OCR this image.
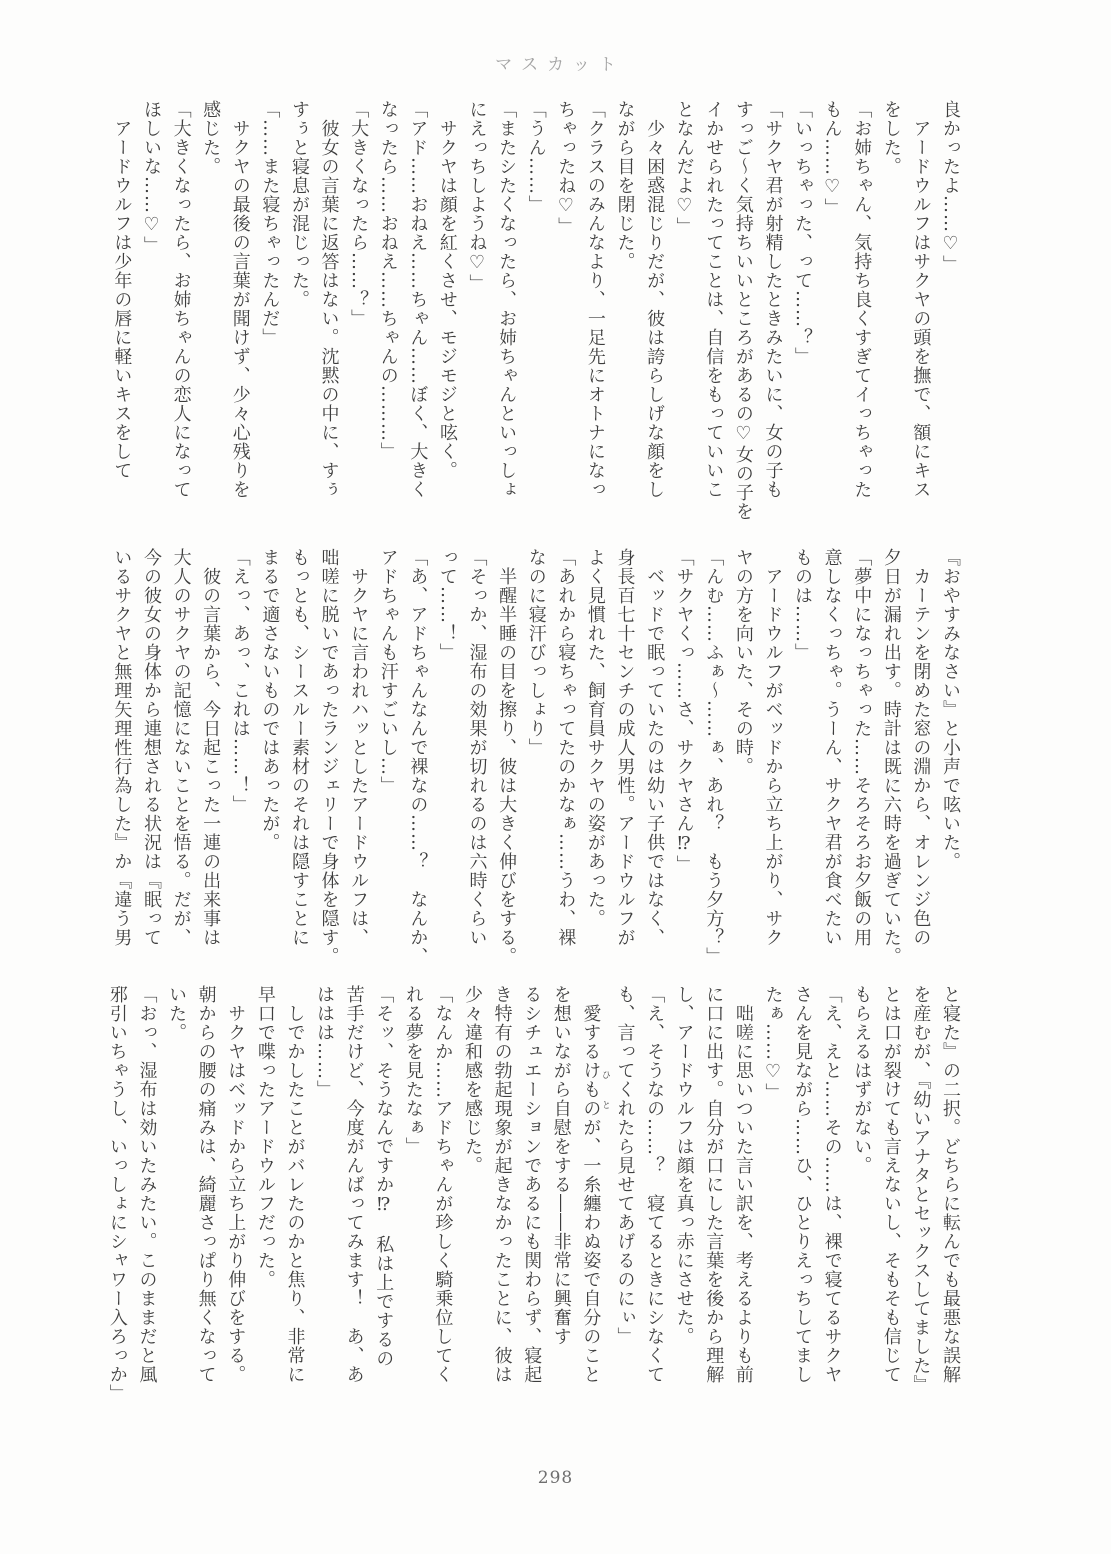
マスカット

良かったよ……♡」

　アードウルフはサクヤの頭を撫で、額にキス

をした。

「お姉ちゃん、気持ち良くすぎてイっちゃった

もん……♡」

「いっちゃった、って……？」

「サクヤ君が射精したときみたいに、女の子も

すっご〜く気持ちいいところがあるの♡女の子を

イかせられたってことは、自信をもっていいこ

となんだよ♡」

　少々困惑混じりだが、彼は誇らしげな顔をし

ながら目を閉じた。

「クラスのみんなより、一足先にオトナになっ

ちゃったね♡」

「うん……」

「またシたくなったら、お姉ちゃんといっしょ

にえっちしようね♡」

　サクヤは顔を紅くさせ、モジモジと呟く。

「アド……おねえ……ちゃん……ぼく、大きく

なったら……おねえ……ちゃんの………」

「大きくなったら……？」

　彼女の言葉に返答はない。沈黙の中に、すぅ

すぅと寝息が混じった。

「……また寝ちゃったんだ」

　サクヤの最後の言葉が聞けず、少々心残りを

感じた。

「大きくなったら、お姉ちゃんの恋人になって

ほしいな……♡」

　アードウルフは少年の唇に軽いキスをして

『おやすみなさい』と小声で呟いた。

　カーテンを閉めた窓の淵から、オレンジ色の

夕日が漏れ出す。時計は既に六時を過ぎていた。

「夢中になっちゃった……そろそろお夕飯の用

意しなくっちゃ。うーん、サクヤ君が食べたい

ものは……」

　アードウルフがベッドから立ち上がり、サク

ヤの方を向いた、その時。

「んむ……ふぁ〜……ぁ、あれ？　もう夕方？」

「サクヤくっ……さ、サクヤさん⁉」

　ベッドで眠っていたのは幼い子供ではなく、

身長百七十センチの成人男性。アードウルフが

よく見慣れた、飼育員サクヤの姿があった。

「あれから寝ちゃってたのかなぁ……うわ、裸

なのに寝汗びっしょり」

　半醒半睡の目を擦り、彼は大きく伸びをする。

「そっか、湿布の効果が切れるのは六時くらい

って……！」

「あ、アドちゃんなんで裸なの……？　なんか、

アドちゃんも汗すごいし…」

　サクヤに言われハッとしたアードウルフは、

咄嗟に脱いであったランジェリーで身体を隠す。

もっとも、シースルー素材のそれは隠すことに

まるで適さないものではあったが。

「えっ、あっ、これは……！」

　彼の言葉から、今日起こった一連の出来事は

大人のサクヤの記憶にないことを悟る。だが、

今の彼女の身体から連想される状況は『眠って

いるサクヤと無理矢理性行為した』か『違う男

と寝た』の二択。どちらに転んでも最悪な誤解

を産むが、『幼いアナタとセックスしてました』

とは口が裂けても言えないし、そもそも信じて

もらえるはずがない。

「え、えと……その……は、裸で寝てるサクヤ

さんを見ながら……ひ、ひとりえっちしてまし

たぁ……♡」

　咄嗟に思いついた言い訳を、考えるよりも前

に口に出す。自分が口にした言葉を後から理解

し、アードウルフは顔を真っ赤にさせた。

「え、そうなの……？　寝てるときにシなくて

も、言ってくれたら見せてあげるのにぃ」

　愛するけものひとが、一糸纏わぬ姿で自分のこと

を想いながら自慰をする――非常に興奮す

るシチュエーションであるにも関わらず、寝起

き特有の勃起現象が起きなかったことに、彼は

少々違和感を感じた。

「なんか……アドちゃんが珍しく騎乗位してく

れる夢を見たなぁ」

「そッ、そうなんですか⁉　私は上でするの

苦手だけど、今度がんばってみます！　あ、あ

ははは……」

　しでかしたことがバレたのかと焦り、非常に

早口で喋ったアードウルフだった。

　サクヤはベッドから立ち上がり伸びをする。

朝からの腰の痛みは、綺麗さっぱり無くなって

いた。

「おっ、湿布は効いたみたい。このままだと風

邪引いちゃうし、いっしょにシャワー入ろっか」

298
